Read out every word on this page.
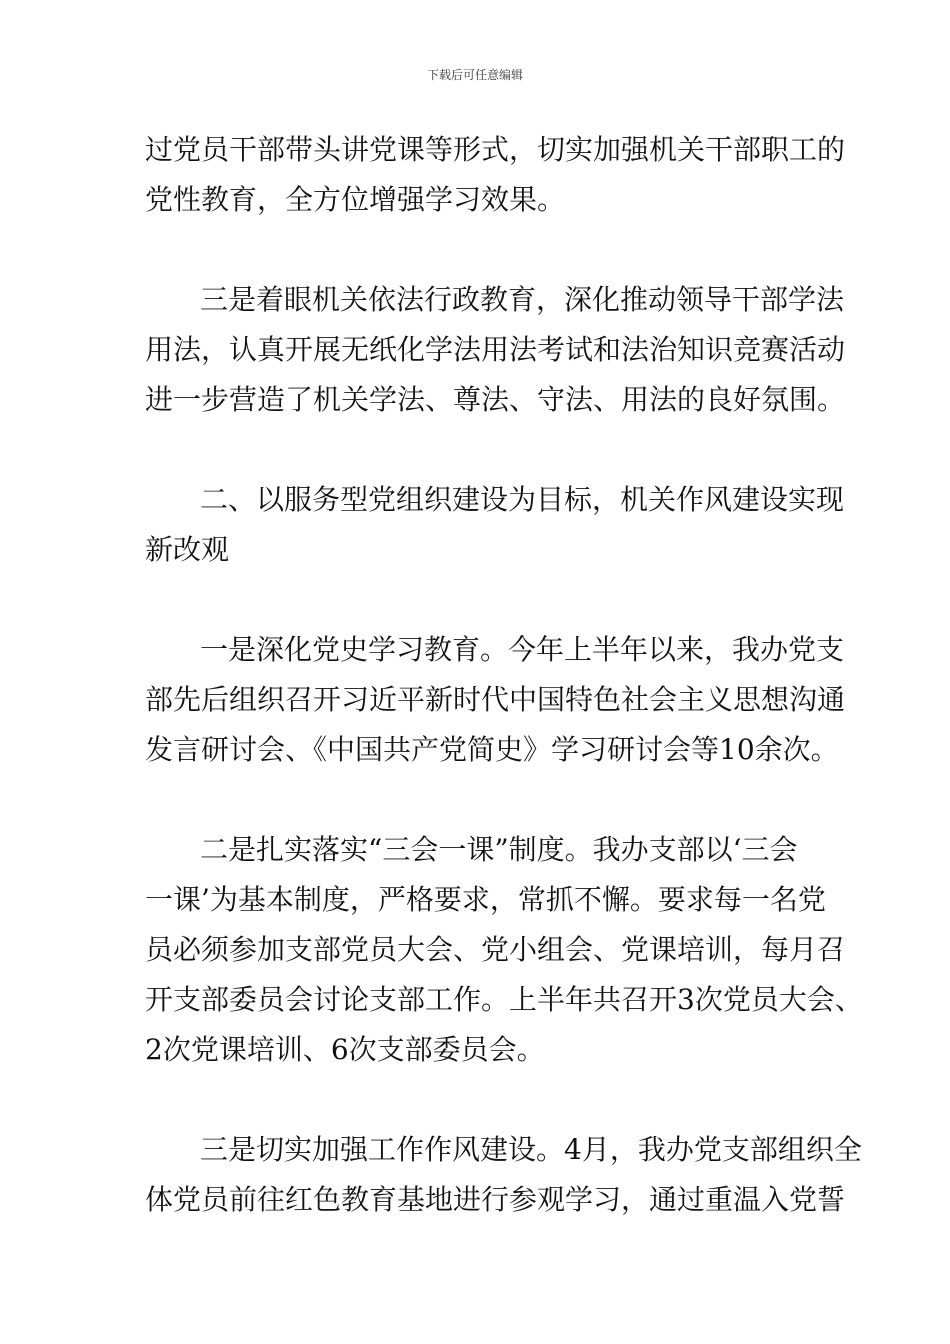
下载后可任意编辑
过党员干部带头讲党课等形式，切实加强机关干部职工的
党性教育，全方位增强学习效果。
三是着眼机关依法行政教育，深化推动领导干部学法
用法，认真开展无纸化学法用法考试和法治知识竞赛活动
进一步营造了机关学法、尊法、守法、用法的良好氛围。
二、以服务型党组织建设为目标，机关作风建设实现
新改观
一是深化党史学习教育。今年上半年以来，我办党支
部先后组织召开习近平新时代中国特色社会主义思想沟通
发言研讨会、《中国共产党简史》学习研讨会等10余次。
二是扎实落实“三会一课”制度。我办支部以‘三会
一课’为基本制度，严格要求，常抓不懈。要求每一名党
员必须参加支部党员大会、党小组会、党课培训，每月召
开支部委员会讨论支部工作。上半年共召开3次党员大会、
2次党课培训、6次支部委员会。
三是切实加强工作作风建设。4月，我办党支部组织全
体党员前往红色教育基地进行参观学习，通过重温入党誓
